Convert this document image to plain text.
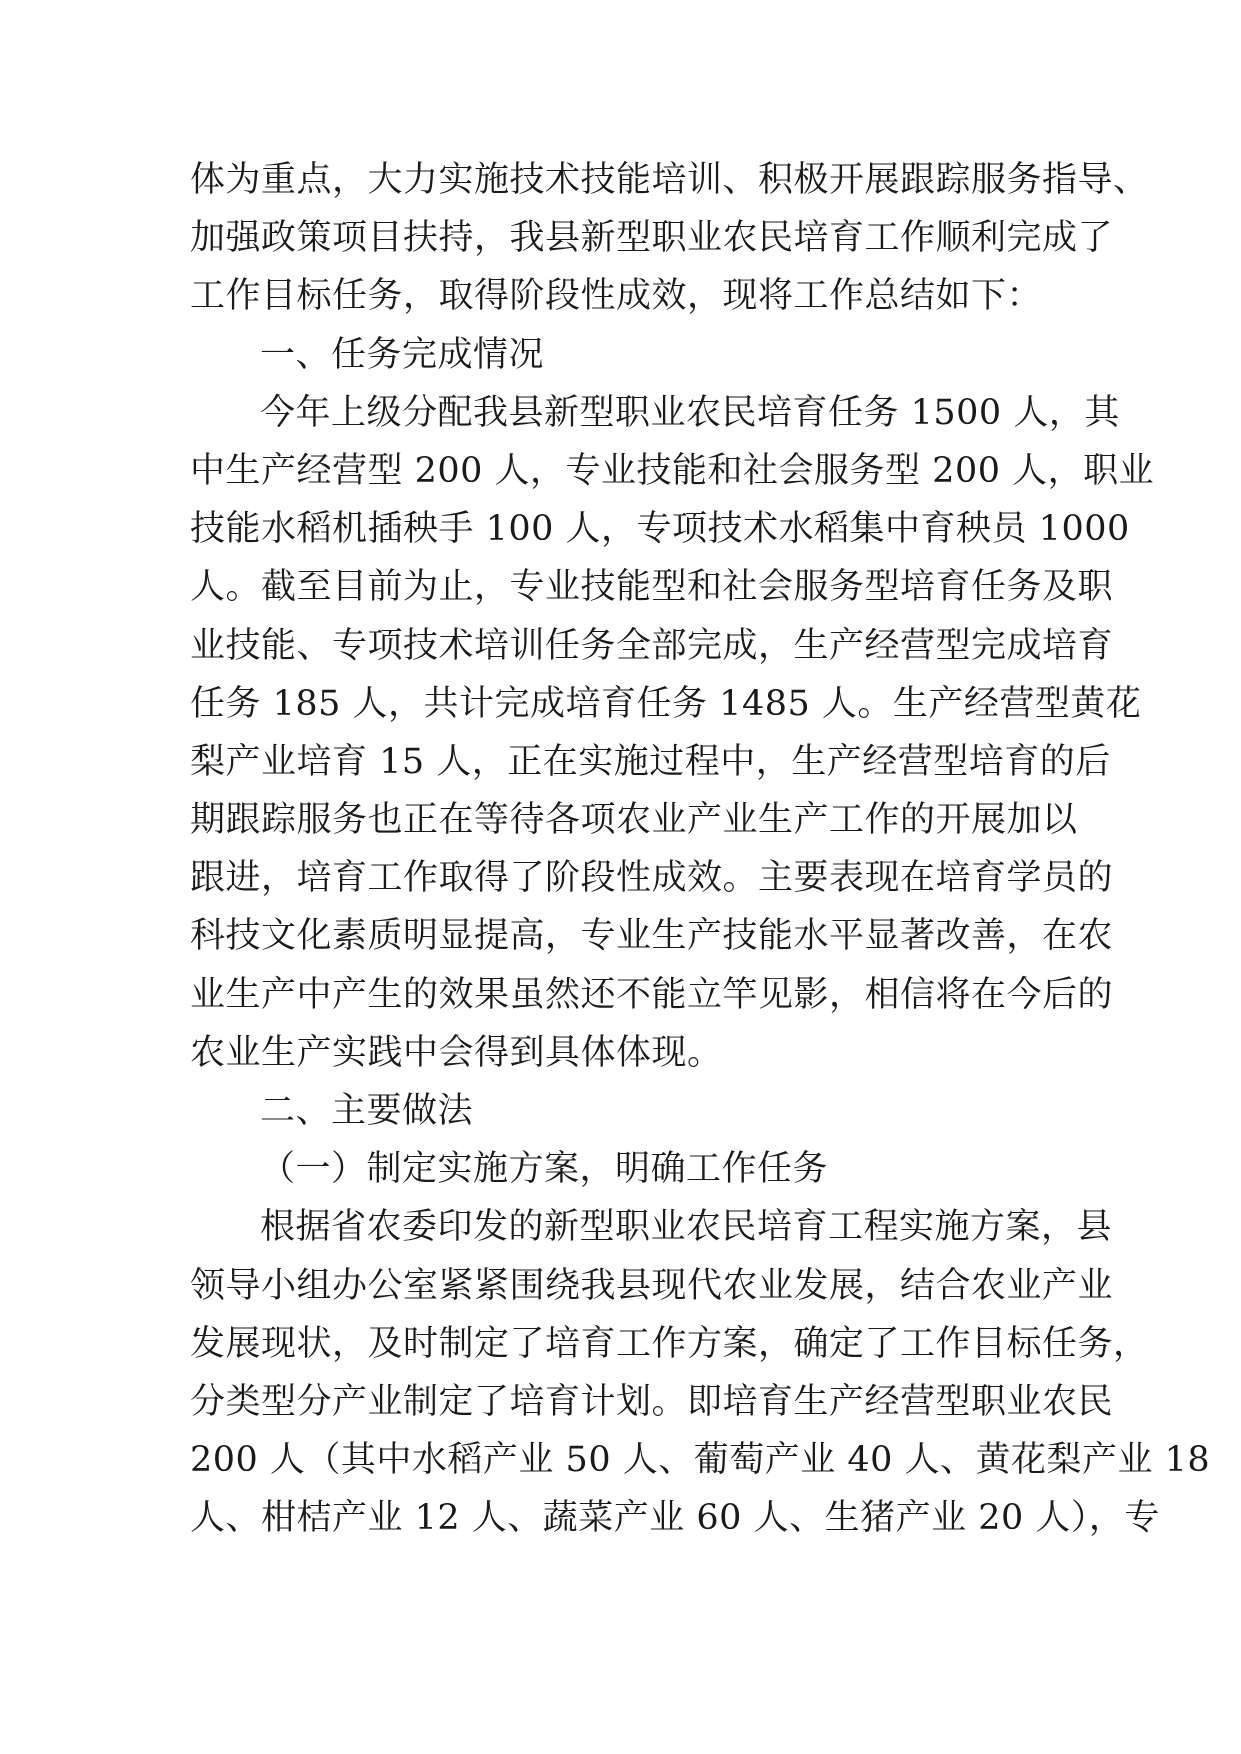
体为重点，大力实施技术技能培训、积极开展跟踪服务指导、
加强政策项目扶持，我县新型职业农民培育工作顺利完成了
工作目标任务，取得阶段性成效，现将工作总结如下：
一、任务完成情况
今年上级分配我县新型职业农民培育任务 1500 人，其
中生产经营型 200 人，专业技能和社会服务型 200 人，职业
技能水稻机插秧手 100 人，专项技术水稻集中育秧员 1000
人。截至目前为止，专业技能型和社会服务型培育任务及职
业技能、专项技术培训任务全部完成，生产经营型完成培育
任务 185 人，共计完成培育任务 1485 人。生产经营型黄花
梨产业培育 15 人，正在实施过程中，生产经营型培育的后
期跟踪服务也正在等待各项农业产业生产工作的开展加以
跟进，培育工作取得了阶段性成效。主要表现在培育学员的
科技文化素质明显提高，专业生产技能水平显著改善，在农
业生产中产生的效果虽然还不能立竿见影，相信将在今后的
农业生产实践中会得到具体体现。
二、主要做法
（一）制定实施方案，明确工作任务
根据省农委印发的新型职业农民培育工程实施方案，县
领导小组办公室紧紧围绕我县现代农业发展，结合农业产业
发展现状，及时制定了培育工作方案，确定了工作目标任务，
分类型分产业制定了培育计划。即培育生产经营型职业农民
200 人（其中水稻产业 50 人、葡萄产业 40 人、黄花梨产业 18
人、柑桔产业 12 人、蔬菜产业 60 人、生猪产业 20 人），专
